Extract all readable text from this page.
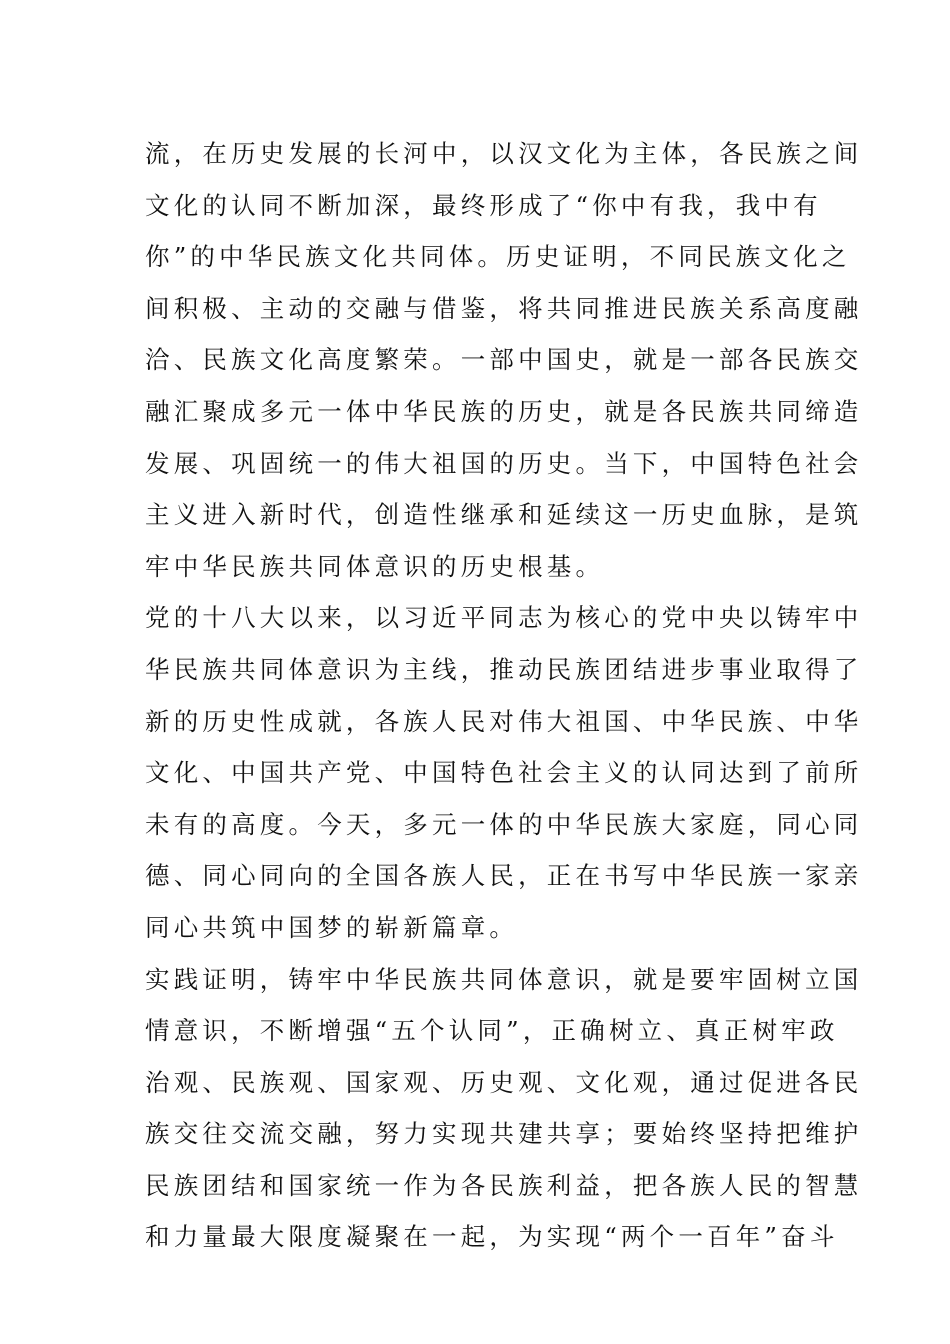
流，在历史发展的长河中，以汉文化为主体，各民族之间
文化的认同不断加深，最终形成了“你中有我，我中有
你”的中华民族文化共同体。历史证明，不同民族文化之
间积极、主动的交融与借鉴，将共同推进民族关系高度融
洽、民族文化高度繁荣。一部中国史，就是一部各民族交
融汇聚成多元一体中华民族的历史，就是各民族共同缔造
发展、巩固统一的伟大祖国的历史。当下，中国特色社会
主义进入新时代，创造性继承和延续这一历史血脉，是筑
牢中华民族共同体意识的历史根基。
党的十八大以来，以习近平同志为核心的党中央以铸牢中
华民族共同体意识为主线，推动民族团结进步事业取得了
新的历史性成就，各族人民对伟大祖国、中华民族、中华
文化、中国共产党、中国特色社会主义的认同达到了前所
未有的高度。今天，多元一体的中华民族大家庭，同心同
德、同心同向的全国各族人民，正在书写中华民族一家亲
同心共筑中国梦的崭新篇章。
实践证明，铸牢中华民族共同体意识，就是要牢固树立国
情意识，不断增强“五个认同”，正确树立、真正树牢政
治观、民族观、国家观、历史观、文化观，通过促进各民
族交往交流交融，努力实现共建共享；要始终坚持把维护
民族团结和国家统一作为各民族利益，把各族人民的智慧
和力量最大限度凝聚在一起，为实现“两个一百年”奋斗
